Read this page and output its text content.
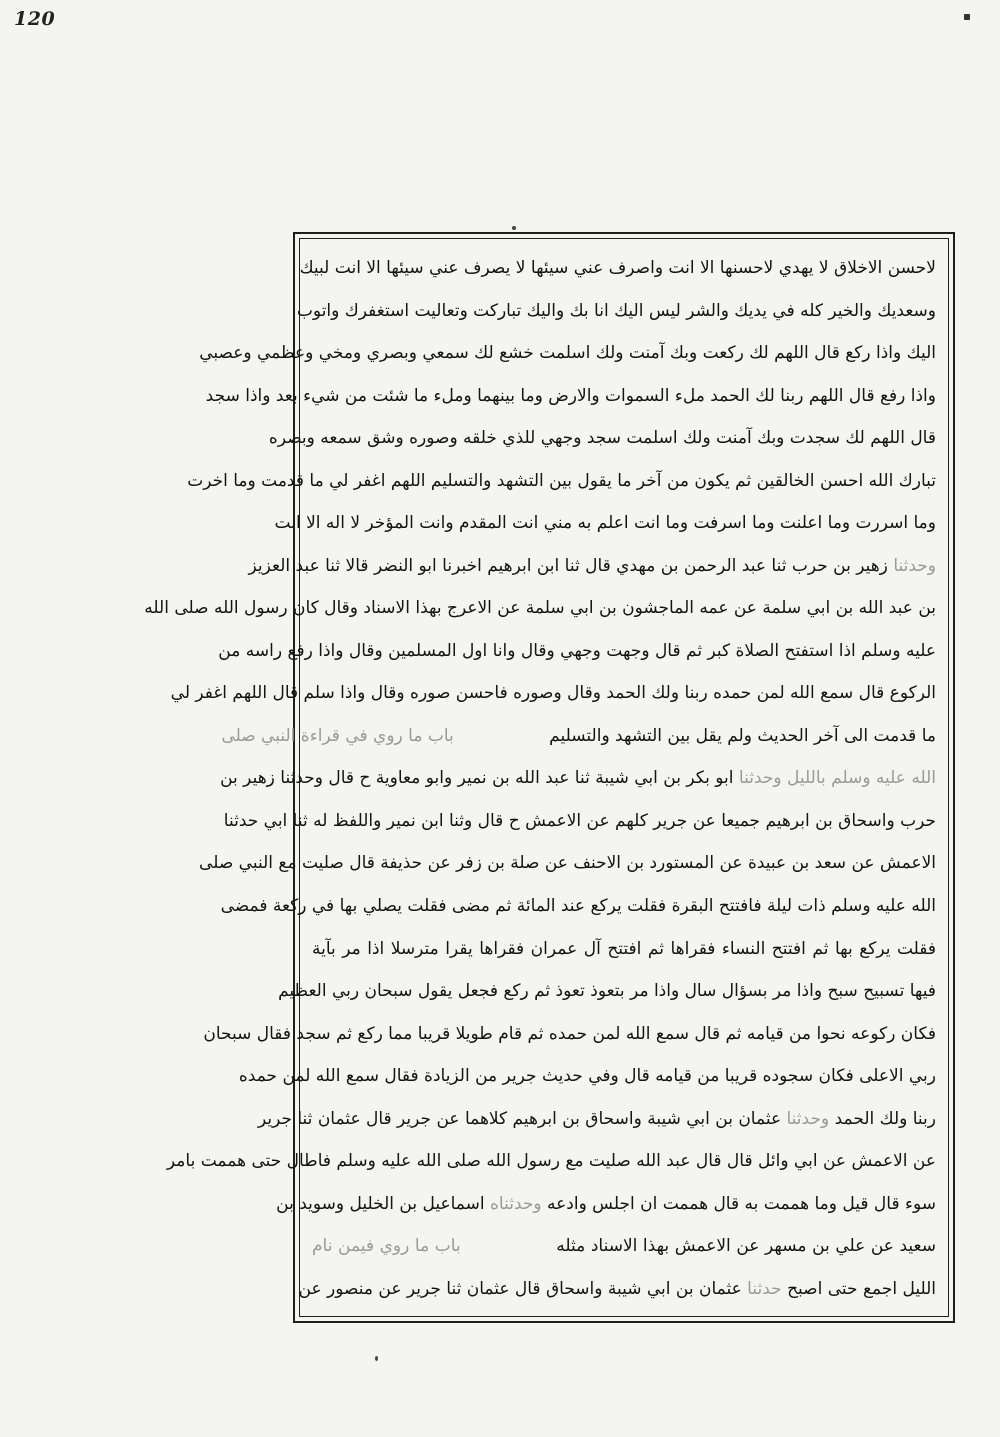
120
لاحسن الاخلاق لا يهدي لاحسنها الا انت واصرف عني سيئها لا يصرف عني سيئها الا انت لبيك
وسعديك والخير كله في يديك والشر ليس اليك انا بك واليك تباركت وتعاليت استغفرك واتوب
اليك واذا ركع قال اللهم لك ركعت وبك آمنت ولك اسلمت خشع لك سمعي وبصري ومخي وعظمي وعصبي
واذا رفع قال اللهم ربنا لك الحمد ملء السموات والارض وما بينهما وملء ما شئت من شيء بعد واذا سجد
قال اللهم لك سجدت وبك آمنت ولك اسلمت سجد وجهي للذي خلقه وصوره وشق سمعه وبصره
تبارك الله احسن الخالقين ثم يكون من آخر ما يقول بين التشهد والتسليم اللهم اغفر لي ما قدمت وما اخرت
وما اسررت وما اعلنت وما اسرفت وما انت اعلم به مني انت المقدم وانت المؤخر لا اله الا انت
وحدثنا زهير بن حرب ثنا عبد الرحمن بن مهدي قال ثنا ابن ابرهيم اخبرنا ابو النضر قالا ثنا عبد العزيز
بن عبد الله بن ابي سلمة عن عمه الماجشون بن ابي سلمة عن الاعرج بهذا الاسناد وقال كان رسول الله صلى الله
عليه وسلم اذا استفتح الصلاة كبر ثم قال وجهت وجهي وقال وانا اول المسلمين وقال واذا رفع راسه من
الركوع قال سمع الله لمن حمده ربنا ولك الحمد وقال وصوره فاحسن صوره وقال واذا سلم قال اللهم اغفر لي
ما قدمت الى آخر الحديث ولم يقل بين التشهد والتسليم باب ما روي في قراءة النبي صلى
الله عليه وسلم بالليل وحدثنا ابو بكر بن ابي شيبة ثنا عبد الله بن نمير وابو معاوية ح قال وحدثنا زهير بن
حرب واسحاق بن ابرهيم جميعا عن جرير كلهم عن الاعمش ح قال وثنا ابن نمير واللفظ له ثنا ابي حدثنا
الاعمش عن سعد بن عبيدة عن المستورد بن الاحنف عن صلة بن زفر عن حذيفة قال صليت مع النبي صلى
الله عليه وسلم ذات ليلة فافتتح البقرة فقلت يركع عند المائة ثم مضى فقلت يصلي بها في ركعة فمضى
فقلت يركع بها ثم افتتح النساء فقراها ثم افتتح آل عمران فقراها يقرا مترسلا اذا مر بآية
فيها تسبيح سبح واذا مر بسؤال سال واذا مر بتعوذ تعوذ ثم ركع فجعل يقول سبحان ربي العظيم
فكان ركوعه نحوا من قيامه ثم قال سمع الله لمن حمده ثم قام طويلا قريبا مما ركع ثم سجد فقال سبحان
ربي الاعلى فكان سجوده قريبا من قيامه قال وفي حديث جرير من الزيادة فقال سمع الله لمن حمده
ربنا ولك الحمد وحدثنا عثمان بن ابي شيبة واسحاق بن ابرهيم كلاهما عن جرير قال عثمان ثنا جرير
عن الاعمش عن ابي وائل قال قال عبد الله صليت مع رسول الله صلى الله عليه وسلم فاطال حتى هممت بامر
سوء قال قيل وما هممت به قال هممت ان اجلس وادعه وحدثناه اسماعيل بن الخليل وسويد بن
سعيد عن علي بن مسهر عن الاعمش بهذا الاسناد مثله باب ما روي فيمن نام
الليل اجمع حتى اصبح حدثنا عثمان بن ابي شيبة واسحاق قال عثمان ثنا جرير عن منصور عن
